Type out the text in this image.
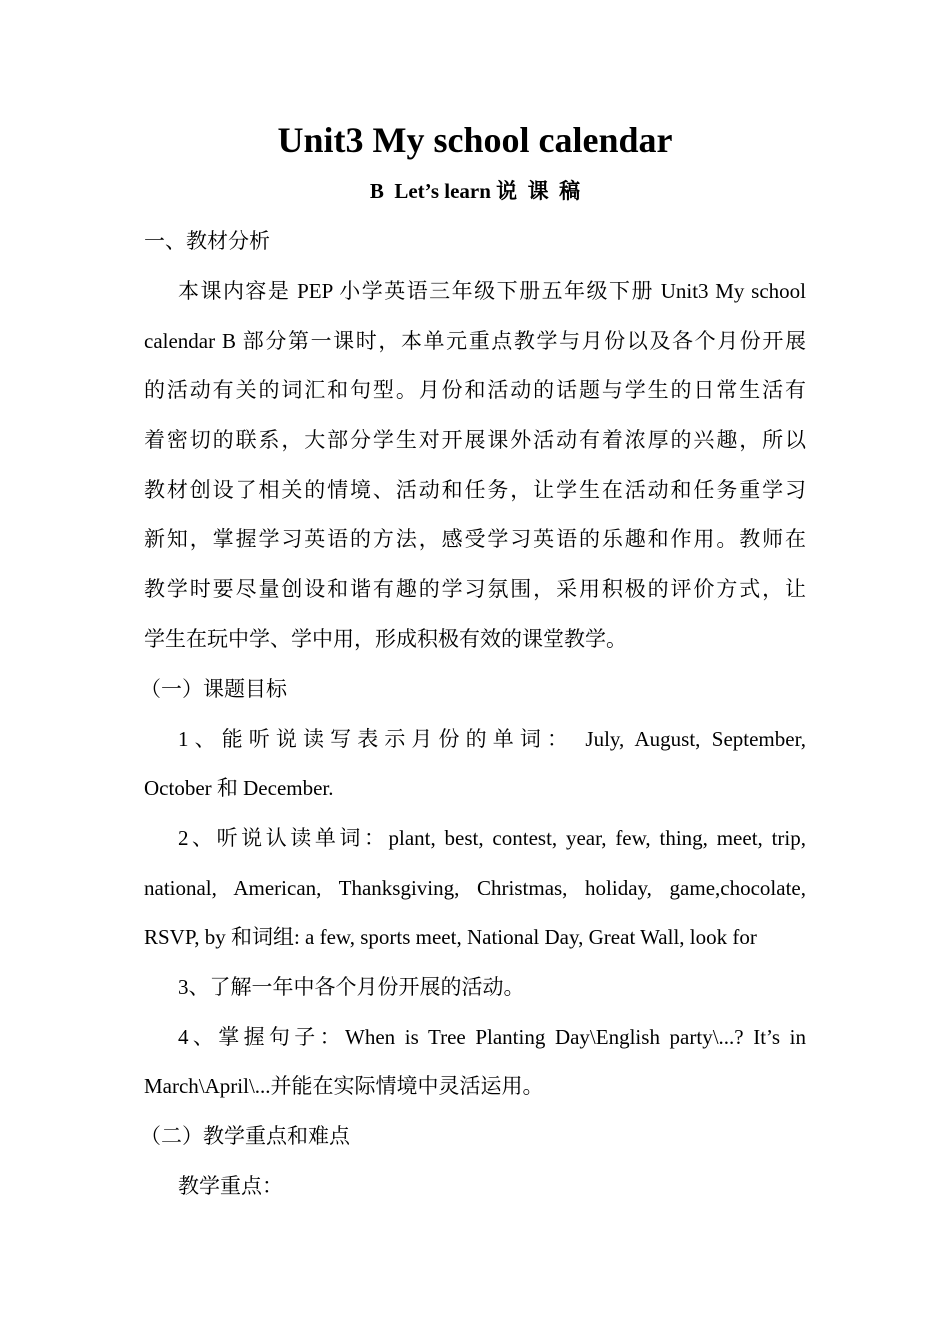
Unit3 My school calendar
B  Let’s learn 说  课  稿
一、教材分析
本课内容是 PEP 小学英语三年级下册五年级下册 Unit3 My school
calendar B 部分第一课时，本单元重点教学与月份以及各个月份开展
的活动有关的词汇和句型。月份和活动的话题与学生的日常生活有
着密切的联系，大部分学生对开展课外活动有着浓厚的兴趣，所以
教材创设了相关的情境、活动和任务，让学生在活动和任务重学习
新知，掌握学习英语的方法，感受学习英语的乐趣和作用。教师在
教学时要尽量创设和谐有趣的学习氛围，采用积极的评价方式，让
学生在玩中学、学中用，形成积极有效的课堂教学。
（一）课题目标
1、能听说读写表示月份的单词： July, August, September,
October 和 December.
2、听说认读单词：plant, best, contest, year, few, thing, meet, trip,
national, American, Thanksgiving, Christmas, holiday, game,chocolate,
RSVP, by 和词组: a few, sports meet, National Day, Great Wall, look for
3、了解一年中各个月份开展的活动。
4、掌握句子：When is Tree Planting Day\English party\...? It’s in
March\April\...并能在实际情境中灵活运用。
（二）教学重点和难点
教学重点：
